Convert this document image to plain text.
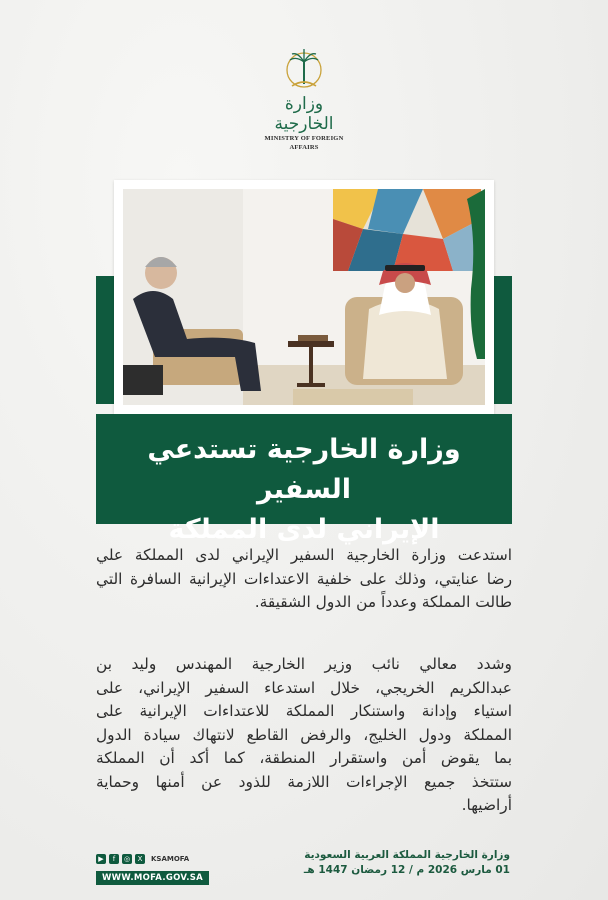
وزارة الخارجية
MINISTRY OF FOREIGN AFFAIRS
وزارة الخارجية تستدعي السفير
الإيراني لدى المملكة
استدعت وزارة الخارجية السفير الإيراني لدى المملكة علي
رضا عنايتي، وذلك على خلفية الاعتداءات الإيرانية السافرة التي
طالت المملكة وعدداً من الدول الشقيقة.
وشدد معالي نائب وزير الخارجية المهندس وليد بن
عبدالكريم الخريجي، خلال استدعاء السفير الإيراني، على
استياء وإدانة واستنكار المملكة للاعتداءات الإيرانية على
المملكة ودول الخليج، والرفض القاطع لانتهاك سيادة الدول
بما يقوض أمن واستقرار المنطقة، كما أكد أن المملكة
ستتخذ جميع الإجراءات اللازمة للذود عن أمنها وحماية
أراضيها.
وزارة الخارجية المملكة العربية السعودية
01 مارس 2026 م / 12 رمضان 1447 هـ
▶	f	◎	X	KSAMOFA
WWW.MOFA.GOV.SA
